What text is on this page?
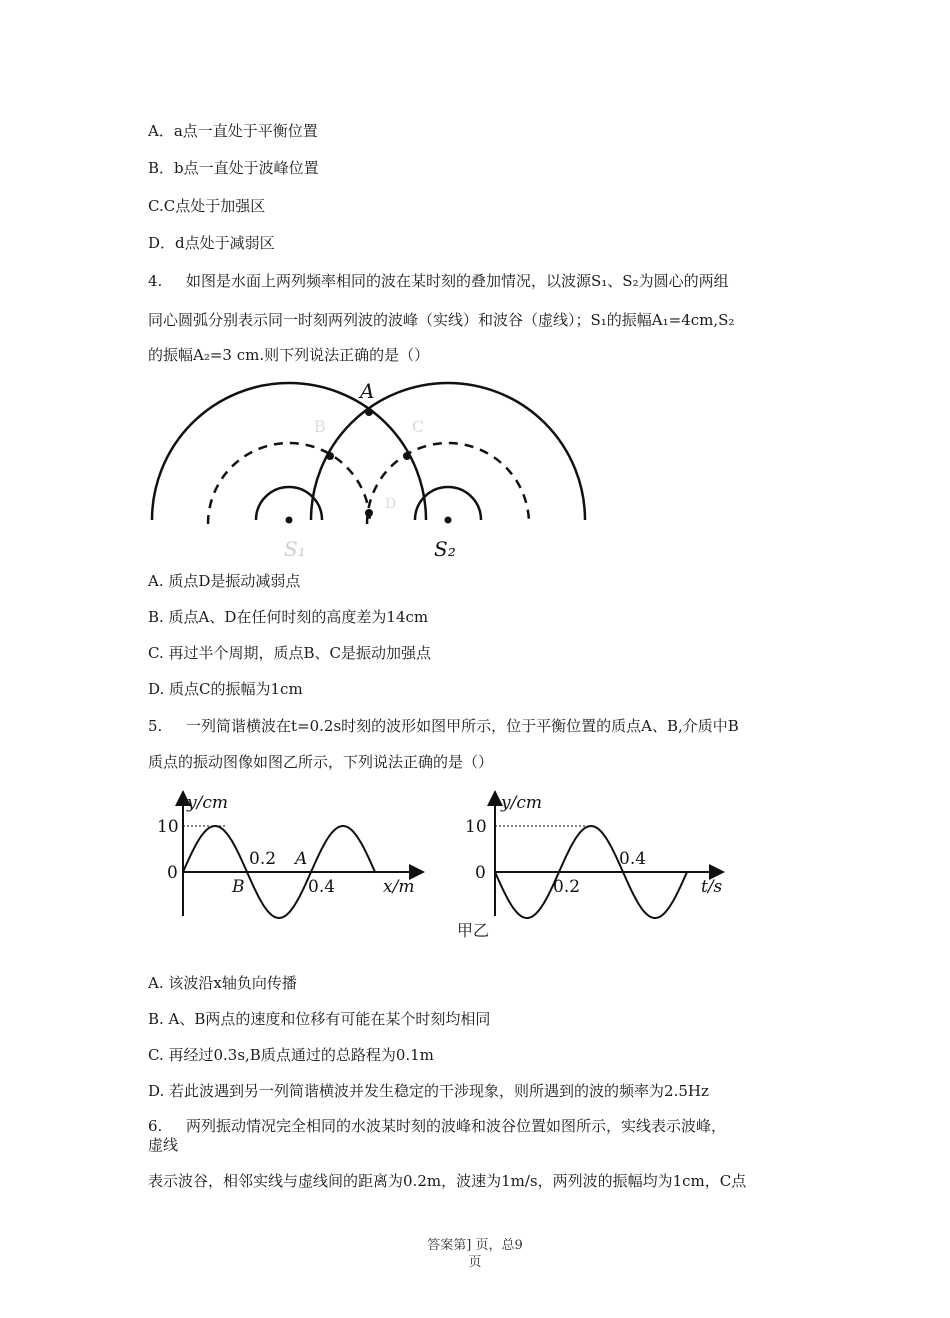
A．a点一直处于平衡位置
B．b点一直处于波峰位置
C.C点处于加强区
D．d点处于减弱区
4. 如图是水面上两列频率相同的波在某时刻的叠加情况，以波源S₁、S₂为圆心的两组
同心圆弧分别表示同一时刻两列波的波峰（实线）和波谷（虚线）；S₁的振幅A₁=4cm,S₂
的振幅A₂=3 cm.则下列说法正确的是（）
A
B	C
D
S₁	S₂
A. 质点D是振动减弱点
B. 质点A、D在任何时刻的高度差为14cm
C. 再过半个周期，质点B、C是振动加强点
D. 质点C的振幅为1cm
5. 一列简谐横波在t=0.2s时刻的波形如图甲所示，位于平衡位置的质点A、B,介质中B
质点的振动图像如图乙所示，下列说法正确的是（）
y/cm
10
0
0.2 A
B	0.4	x/m
y/cm
10
0
0.2
0.4
t/s
甲乙
A. 该波沿x轴负向传播
B. A、B两点的速度和位移有可能在某个时刻均相同
C. 再经过0.3s,B质点通过的总路程为0.1m
D. 若此波遇到另一列简谐横波并发生稳定的干涉现象，则所遇到的波的频率为2.5Hz
6. 两列振动情况完全相同的水波某时刻的波峰和波谷位置如图所示，实线表示波峰，
虚线
表示波谷，相邻实线与虚线间的距离为0.2m，波速为1m/s，两列波的振幅均为1cm，C点
答案第] 页，总9
页
